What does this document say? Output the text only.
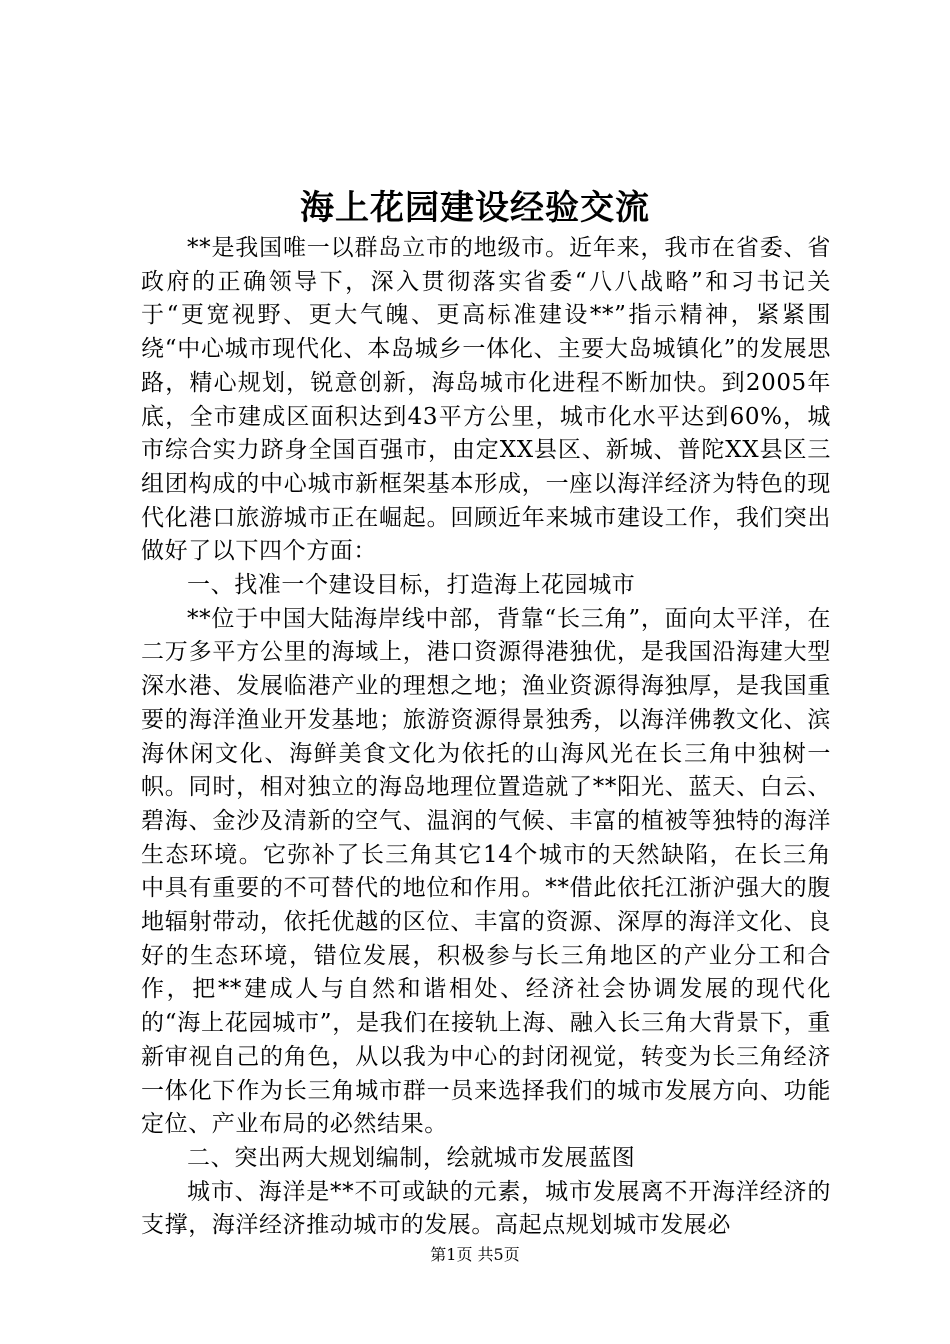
海上花园建设经验交流

**是我国唯一以群岛立市的地级市。近年来，我市在省委、省政府的正确领导下，深入贯彻落实省委“八八战略”和习书记关于“更宽视野、更大气魄、更高标准建设**”指示精神，紧紧围绕“中心城市现代化、本岛城乡一体化、主要大岛城镇化”的发展思路，精心规划，锐意创新，海岛城市化进程不断加快。到2005年底，全市建成区面积达到43平方公里，城市化水平达到60%，城市综合实力跻身全国百强市，由定XX县区、新城、普陀XX县区三组团构成的中心城市新框架基本形成，一座以海洋经济为特色的现代化港口旅游城市正在崛起。回顾近年来城市建设工作，我们突出做好了以下四个方面：

一、找准一个建设目标，打造海上花园城市

**位于中国大陆海岸线中部，背靠“长三角”，面向太平洋，在二万多平方公里的海域上，港口资源得港独优，是我国沿海建大型深水港、发展临港产业的理想之地；渔业资源得海独厚，是我国重要的海洋渔业开发基地；旅游资源得景独秀，以海洋佛教文化、滨海休闲文化、海鲜美食文化为依托的山海风光在长三角中独树一帜。同时，相对独立的海岛地理位置造就了**阳光、蓝天、白云、碧海、金沙及清新的空气、温润的气候、丰富的植被等独特的海洋生态环境。它弥补了长三角其它14个城市的天然缺陷，在长三角中具有重要的不可替代的地位和作用。**借此依托江浙沪强大的腹地辐射带动，依托优越的区位、丰富的资源、深厚的海洋文化、良好的生态环境，错位发展，积极参与长三角地区的产业分工和合作，把**建成人与自然和谐相处、经济社会协调发展的现代化的“海上花园城市”，是我们在接轨上海、融入长三角大背景下，重新审视自己的角色，从以我为中心的封闭视觉，转变为长三角经济一体化下作为长三角城市群一员来选择我们的城市发展方向、功能定位、产业布局的必然结果。

二、突出两大规划编制，绘就城市发展蓝图

城市、海洋是**不可或缺的元素，城市发展离不开海洋经济的支撑，海洋经济推动城市的发展。高起点规划城市发展必

第1页 共5页
